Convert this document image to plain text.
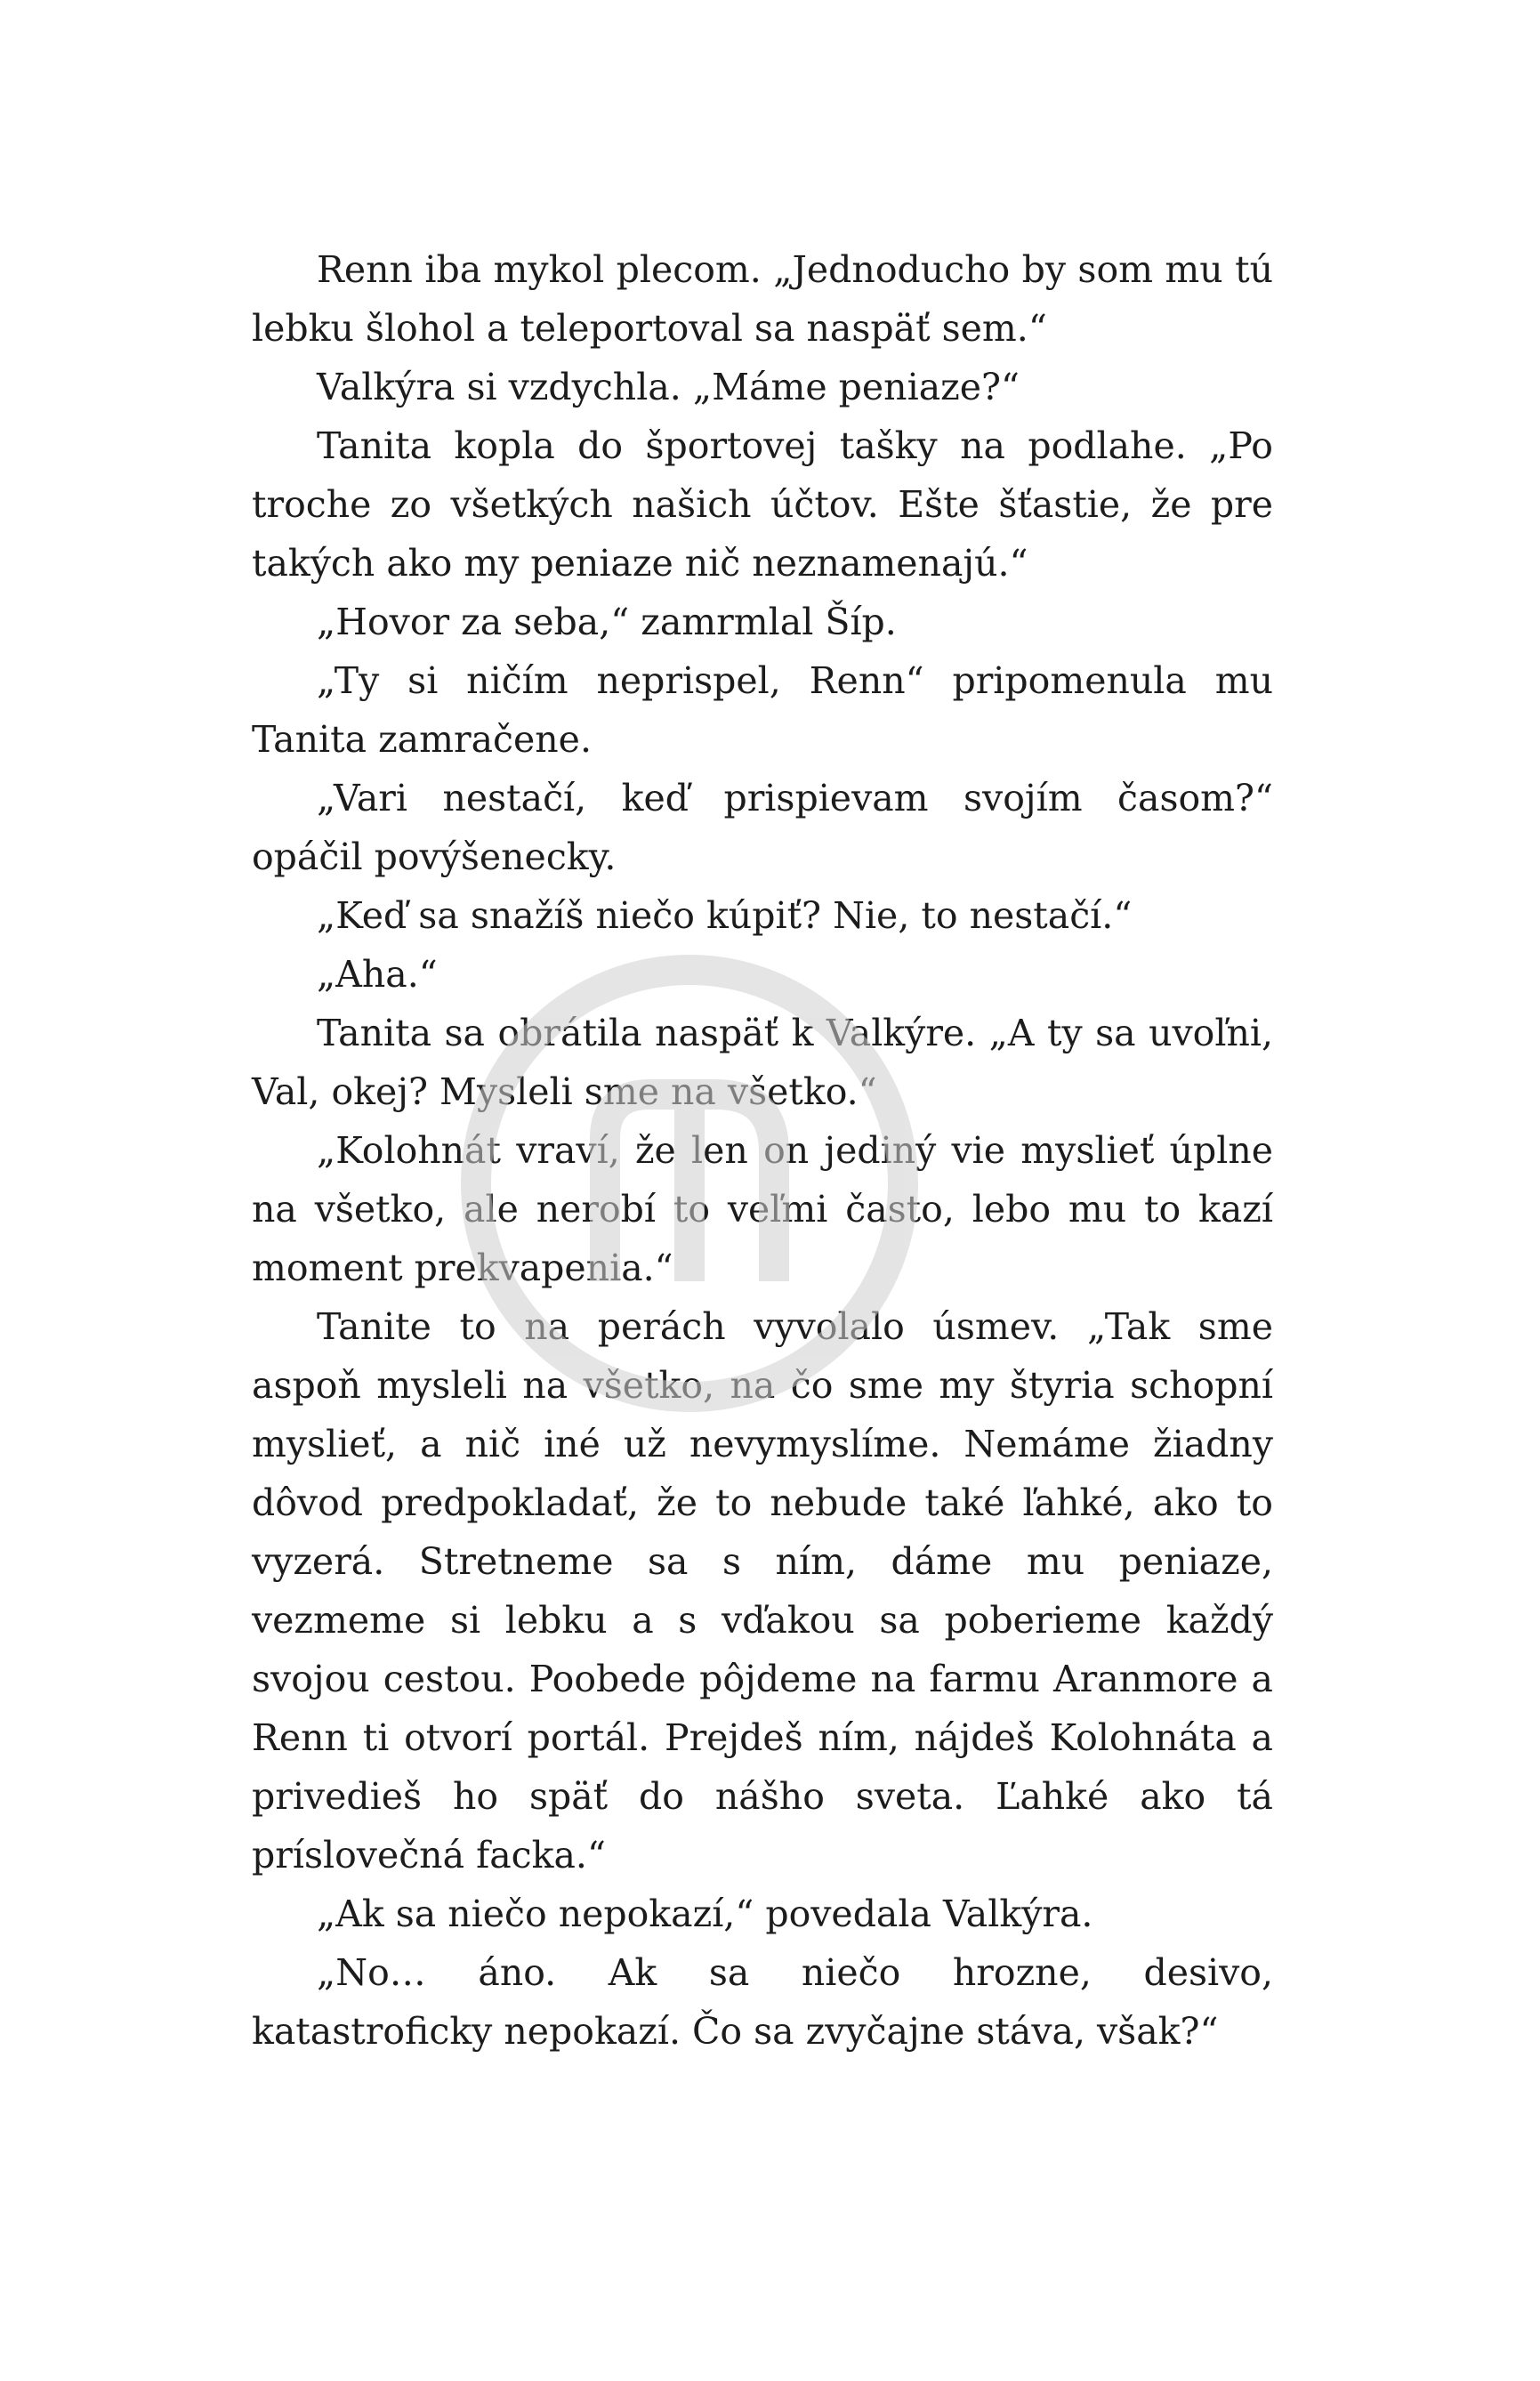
Renn iba mykol plecom. „Jednoducho by som mu tú lebku šlohol a teleportoval sa naspäť sem.“

Valkýra si vzdychla. „Máme peniaze?“

Tanita kopla do športovej tašky na podlahe. „Po troche zo všetkých našich účtov. Ešte šťastie, že pre takých ako my peniaze nič neznamenajú.“

„Hovor za seba,“ zamrmlal Šíp.

„Ty si ničím neprispel, Renn“ pripomenula mu Tanita zamračene.

„Vari nestačí, keď prispievam svojím časom?“ opáčil povýšenecky.

„Keď sa snažíš niečo kúpiť? Nie, to nestačí.“

„Aha.“

Tanita sa obrátila naspäť k Valkýre. „A ty sa uvoľni, Val, okej? Mysleli sme na všetko.“

„Kolohnát vraví, že len on jediný vie myslieť úplne na všetko, ale nerobí to veľmi často, lebo mu to kazí moment prekvapenia.“

Tanite to na perách vyvolalo úsmev. „Tak sme aspoň mysleli na všetko, na čo sme my štyria schopní myslieť, a nič iné už nevymyslíme. Nemáme žiadny dôvod predpokladať, že to nebude také ľahké, ako to vyzerá. Stretneme sa s ním, dáme mu peniaze, vezmeme si lebku a s vďakou sa poberieme každý svojou cestou. Poobede pôjdeme na farmu Aranmore a Renn ti otvorí portál. Prejdeš ním, nájdeš Kolohnáta a privedieš ho späť do nášho sveta. Ľahké ako tá príslovečná facka.“

„Ak sa niečo nepokazí,“ povedala Valkýra.

„No… áno. Ak sa niečo hrozne, desivo, katastroficky nepokazí. Čo sa zvyčajne stáva, však?“
